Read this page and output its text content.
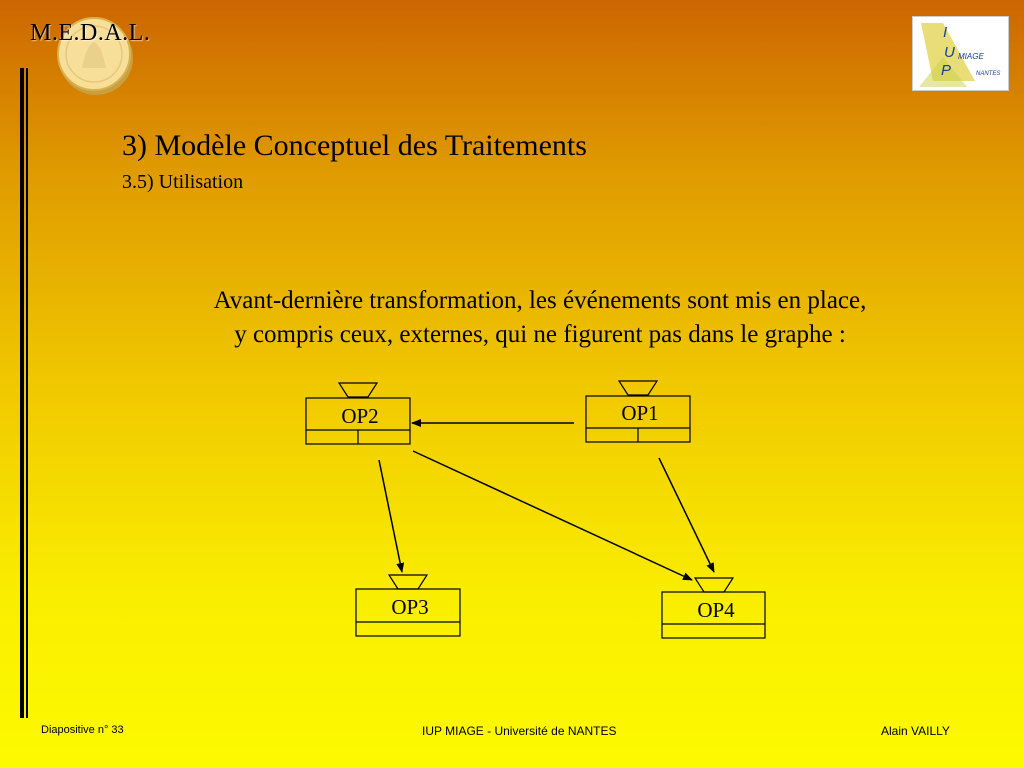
M.E.D.A.L.	I
U MIAGE
P	NANTES
3) Modèle Conceptuel des Traitements
3.5) Utilisation
Avant-dernière transformation, les événements sont mis en place,
y compris ceux, externes, qui ne figurent pas dans le graphe :
OP2	OP1
OP3	OP4
Diapositive n° 33	IUP MIAGE - Université de NANTES	Alain VAILLY
